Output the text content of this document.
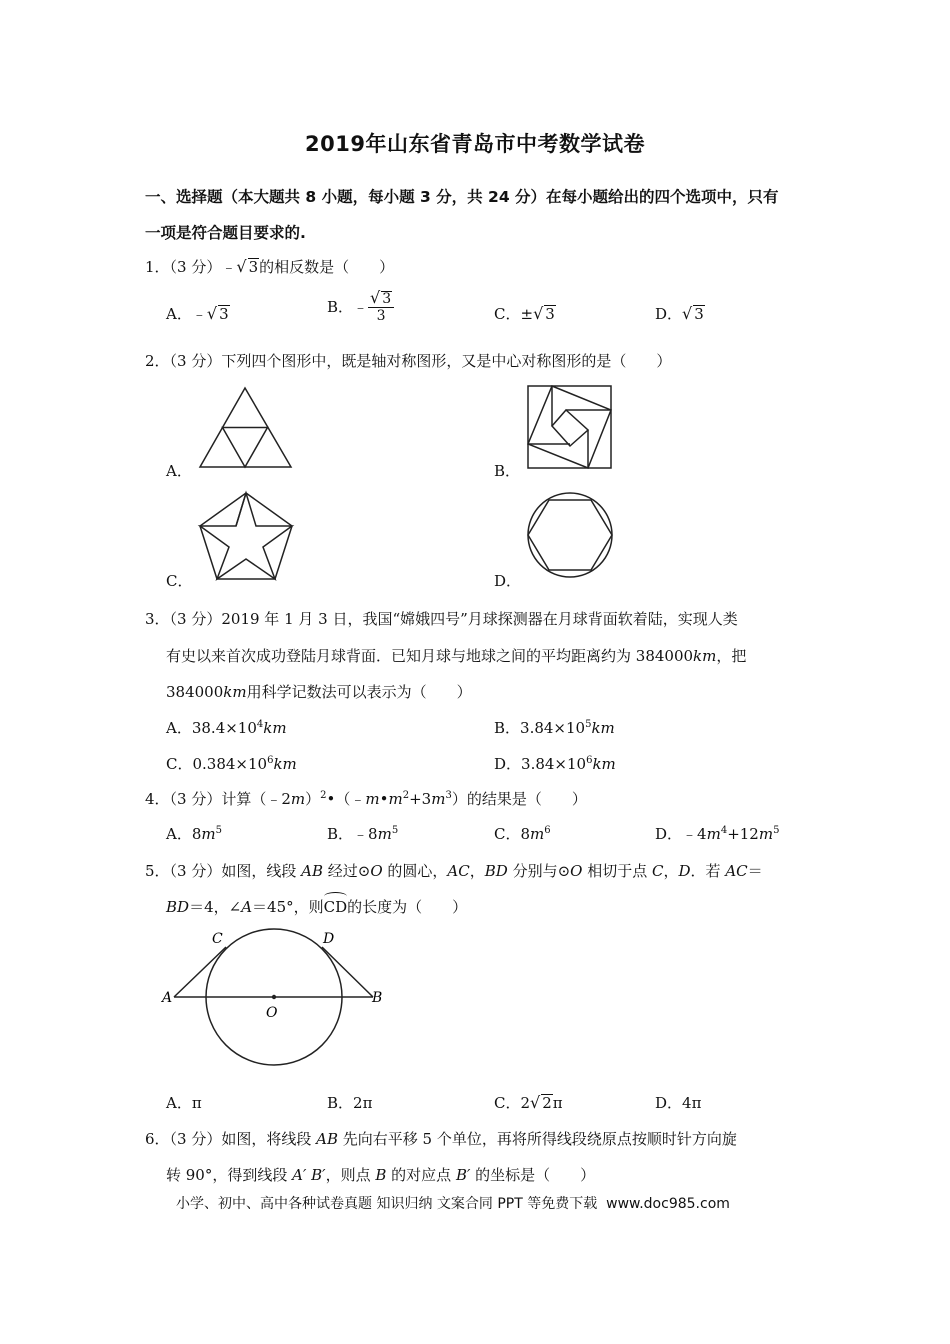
2019年山东省青岛市中考数学试卷
一、选择题（本大题共 8 小题，每小题 3 分，共 24 分）在每小题给出的四个选项中，只有
一项是符合题目要求的.
1．（3 分）﹣√ 3的相反数是（　　）
A．﹣√ 3	B．﹣ $\frac{√ 3}{3}$	C．±√ 3	D．√ 3
2．（3 分）下列四个图形中，既是轴对称图形，又是中心对称图形的是（　　）
A．	B．
C．	D．
3．（3 分）2019 年 1 月 3 日，我国“嫦娥四号”月球探测器在月球背面软着陆，实现人类
有史以来首次成功登陆月球背面．已知月球与地球之间的平均距离约为 384000km，把
384000km用科学记数法可以表示为（　　）
A．$38.4\times 10^4km$	B．$3.84\times 10^5km$
C．$0.384\times 10^6km$	D．$3.84\times 10^6km$
4．（3 分）计算$(﹣2m)^2•(﹣m•m^2+3m^3)$的结果是（　　）
A．$8m^5$	B．$﹣8m^5$	C．$8m^6$	D．$﹣4m^4+12m^5$
5．（3 分）如图，线段 AB 经过⊙O 的圆心，AC，BD 分别与⊙O 相切于点 C，D．若 AC＝
BD＝4，∠A＝45°，则CD的长度为（　　）
A	B
C	D
O
A．π	B．2π	C．2√ 2π	D．4π
6．（3 分）如图，将线段 AB 先向右平移 5 个单位，再将所得线段绕原点按顺时针方向旋
转 90°，得到线段 A′ B′，则点 B 的对应点 B′ 的坐标是（　　）
小学、初中、高中各种试卷真题 知识归纳 文案合同 PPT 等免费下载 www.doc985.com
